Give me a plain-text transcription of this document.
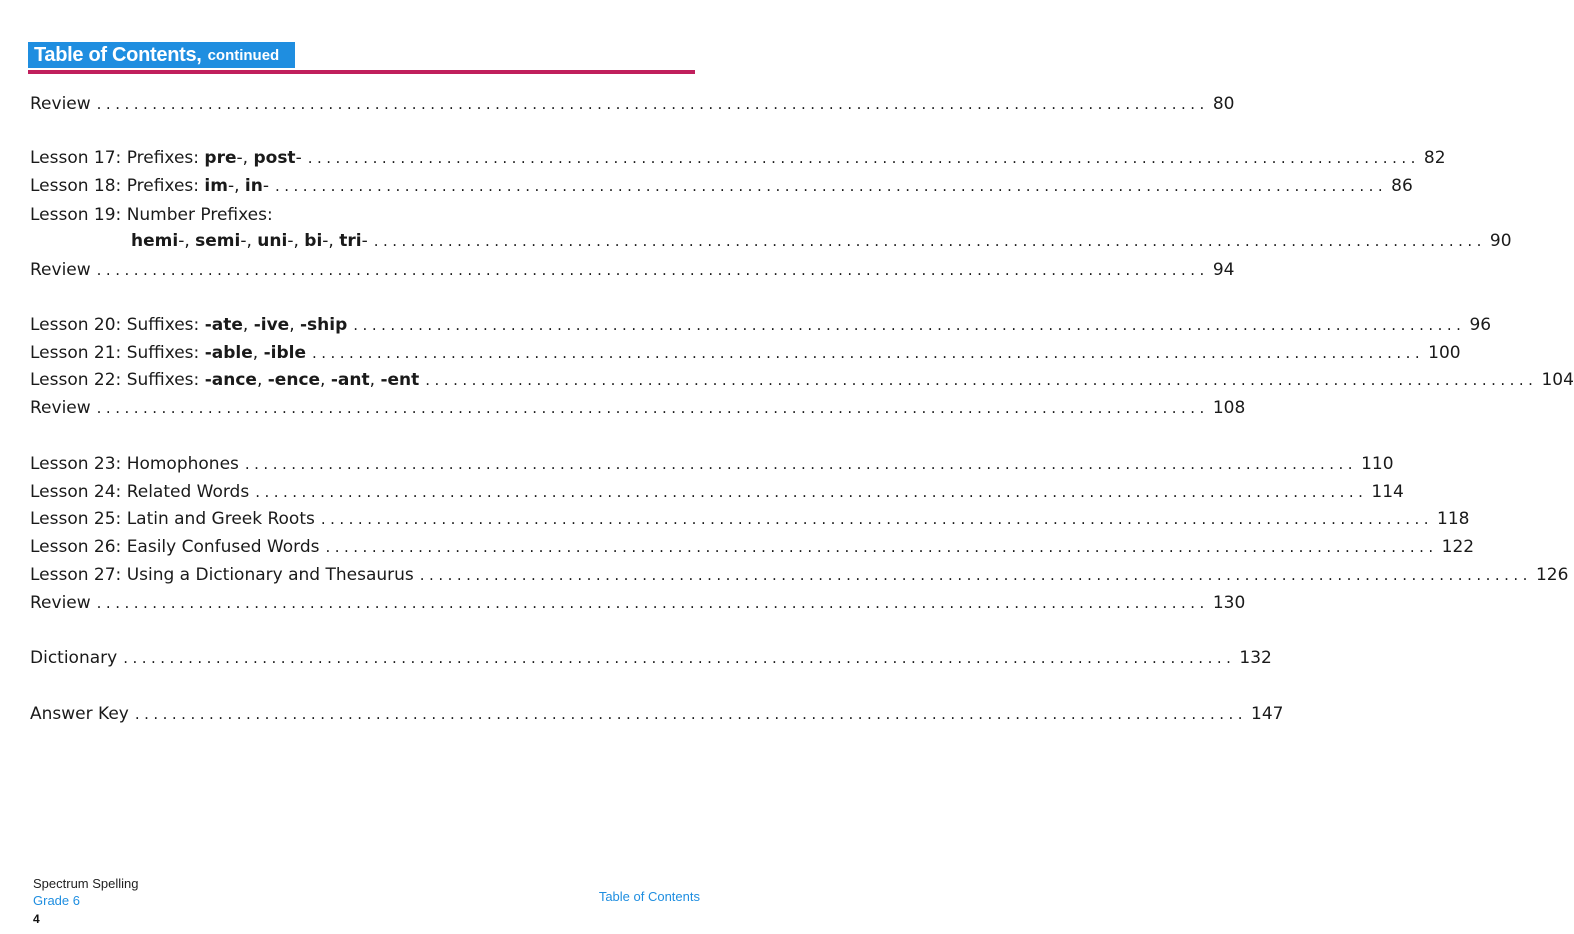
Table of Contents, continued
Review ........................................................................................................................ 80
Lesson 17: Prefixes: pre-, post- ........................................................................................................................ 82
Lesson 18: Prefixes: im-, in- ........................................................................................................................ 86
Lesson 19: Number Prefixes:
hemi-, semi-, uni-, bi-, tri- ........................................................................................................................ 90
Review ........................................................................................................................ 94
Lesson 20: Suffixes: -ate, -ive, -ship ........................................................................................................................ 96
Lesson 21: Suffixes: -able, -ible ........................................................................................................................ 100
Lesson 22: Suffixes: -ance, -ence, -ant, -ent ........................................................................................................................ 104
Review ........................................................................................................................ 108
Lesson 23: Homophones ........................................................................................................................ 110
Lesson 24: Related Words ........................................................................................................................ 114
Lesson 25: Latin and Greek Roots ........................................................................................................................ 118
Lesson 26: Easily Confused Words ........................................................................................................................ 122
Lesson 27: Using a Dictionary and Thesaurus ........................................................................................................................ 126
Review ........................................................................................................................ 130
Dictionary ........................................................................................................................ 132
Answer Key ........................................................................................................................ 147
Spectrum Spelling
Grade 6
4
Table of Contents
